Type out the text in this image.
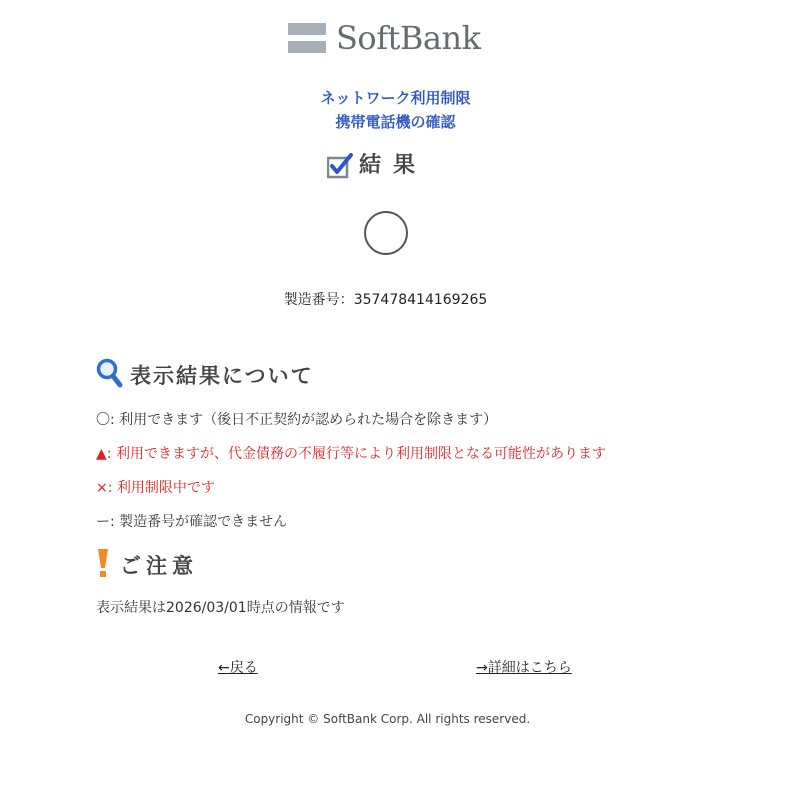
SoftBank
ネットワーク利用制限
携帯電話機の確認
結果
製造番号：357478414169265
表示結果について
〇: 利用できます（後日不正契約が認められた場合を除きます）
▲: 利用できますが、代金債務の不履行等により利用制限となる可能性があります
×: 利用制限中です
ー: 製造番号が確認できません
ご注意
表示結果は2026/03/01時点の情報です
←戻る	→詳細はこちら
Copyright © SoftBank Corp. All rights reserved.
